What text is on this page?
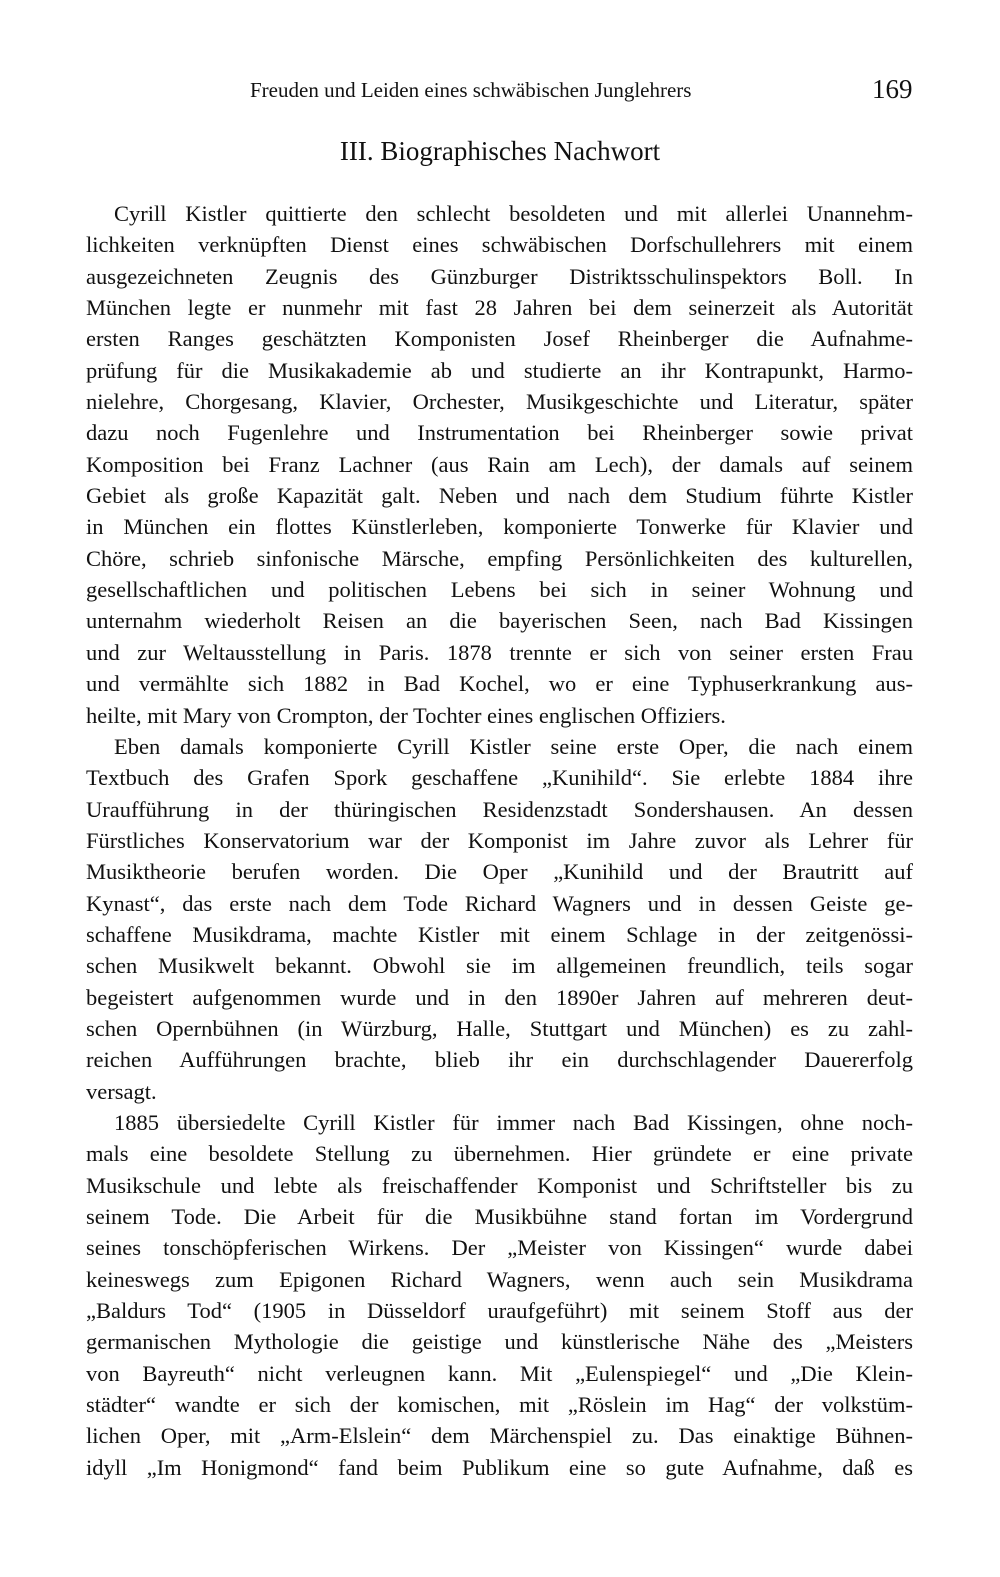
Freuden und Leiden eines schwäbischen Junglehrers	169
III. Biographisches Nachwort
Cyrill Kistler quittierte den schlecht besoldeten und mit allerlei Unannehm-
lichkeiten verknüpften Dienst eines schwäbischen Dorfschullehrers mit einem
ausgezeichneten Zeugnis des Günzburger Distriktsschulinspektors Boll. In
München legte er nunmehr mit fast 28 Jahren bei dem seinerzeit als Autorität
ersten Ranges geschätzten Komponisten Josef Rheinberger die Aufnahme-
prüfung für die Musikakademie ab und studierte an ihr Kontrapunkt, Harmo-
nielehre, Chorgesang, Klavier, Orchester, Musikgeschichte und Literatur, später
dazu noch Fugenlehre und Instrumentation bei Rheinberger sowie privat
Komposition bei Franz Lachner (aus Rain am Lech), der damals auf seinem
Gebiet als große Kapazität galt. Neben und nach dem Studium führte Kistler
in München ein flottes Künstlerleben, komponierte Tonwerke für Klavier und
Chöre, schrieb sinfonische Märsche, empfing Persönlichkeiten des kulturellen,
gesellschaftlichen und politischen Lebens bei sich in seiner Wohnung und
unternahm wiederholt Reisen an die bayerischen Seen, nach Bad Kissingen
und zur Weltausstellung in Paris. 1878 trennte er sich von seiner ersten Frau
und vermählte sich 1882 in Bad Kochel, wo er eine Typhuserkrankung aus-
heilte, mit Mary von Crompton, der Tochter eines englischen Offiziers.
Eben damals komponierte Cyrill Kistler seine erste Oper, die nach einem
Textbuch des Grafen Spork geschaffene „Kunihild“. Sie erlebte 1884 ihre
Uraufführung in der thüringischen Residenzstadt Sondershausen. An dessen
Fürstliches Konservatorium war der Komponist im Jahre zuvor als Lehrer für
Musiktheorie berufen worden. Die Oper „Kunihild und der Brautritt auf
Kynast“, das erste nach dem Tode Richard Wagners und in dessen Geiste ge-
schaffene Musikdrama, machte Kistler mit einem Schlage in der zeitgenössi-
schen Musikwelt bekannt. Obwohl sie im allgemeinen freundlich, teils sogar
begeistert aufgenommen wurde und in den 1890er Jahren auf mehreren deut-
schen Opernbühnen (in Würzburg, Halle, Stuttgart und München) es zu zahl-
reichen Aufführungen brachte, blieb ihr ein durchschlagender Dauererfolg
versagt.
1885 übersiedelte Cyrill Kistler für immer nach Bad Kissingen, ohne noch-
mals eine besoldete Stellung zu übernehmen. Hier gründete er eine private
Musikschule und lebte als freischaffender Komponist und Schriftsteller bis zu
seinem Tode. Die Arbeit für die Musikbühne stand fortan im Vordergrund
seines tonschöpferischen Wirkens. Der „Meister von Kissingen“ wurde dabei
keineswegs zum Epigonen Richard Wagners, wenn auch sein Musikdrama
„Baldurs Tod“ (1905 in Düsseldorf uraufgeführt) mit seinem Stoff aus der
germanischen Mythologie die geistige und künstlerische Nähe des „Meisters
von Bayreuth“ nicht verleugnen kann. Mit „Eulenspiegel“ und „Die Klein-
städter“ wandte er sich der komischen, mit „Röslein im Hag“ der volkstüm-
lichen Oper, mit „Arm-Elslein“ dem Märchenspiel zu. Das einaktige Bühnen-
idyll „Im Honigmond“ fand beim Publikum eine so gute Aufnahme, daß es
